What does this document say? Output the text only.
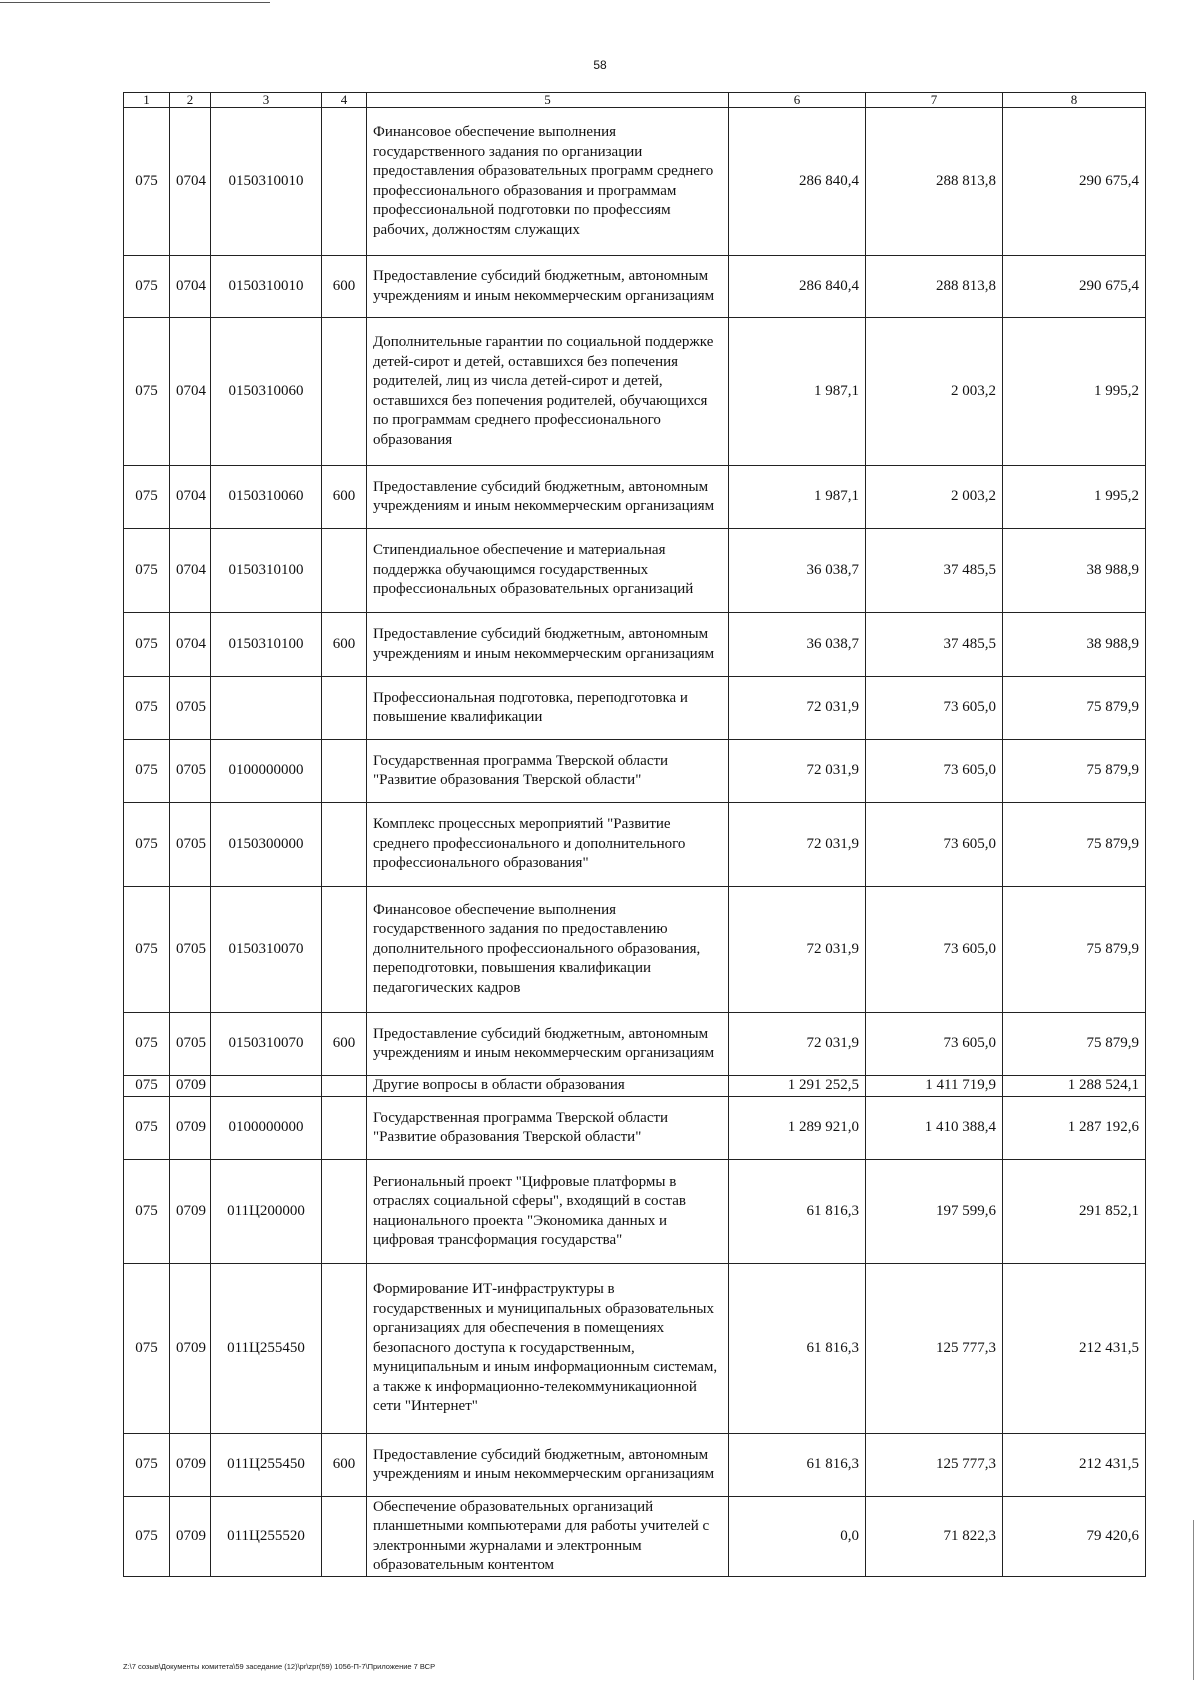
58
1	2	3	4	5	6	7	8
075	0704	0150310010		Финансовое обеспечение выполнения государственного задания по организации предоставления образовательных программ среднего профессионального образования и программам профессиональной подготовки по профессиям рабочих, должностям служащих	286 840,4	288 813,8	290 675,4
075	0704	0150310010	600	Предоставление субсидий бюджетным, автономным учреждениям и иным некоммерческим организациям	286 840,4	288 813,8	290 675,4
075	0704	0150310060		Дополнительные гарантии по социальной поддержке детей-сирот и детей, оставшихся без попечения родителей, лиц из числа детей-сирот и детей, оставшихся без попечения родителей, обучающихся по программам среднего профессионального образования	1 987,1	2 003,2	1 995,2
075	0704	0150310060	600	Предоставление субсидий бюджетным, автономным учреждениям и иным некоммерческим организациям	1 987,1	2 003,2	1 995,2
075	0704	0150310100		Стипендиальное обеспечение и материальная поддержка обучающимся государственных профессиональных образовательных организаций	36 038,7	37 485,5	38 988,9
075	0704	0150310100	600	Предоставление субсидий бюджетным, автономным учреждениям и иным некоммерческим организациям	36 038,7	37 485,5	38 988,9
075	0705			Профессиональная подготовка, переподготовка и повышение квалификации	72 031,9	73 605,0	75 879,9
075	0705	0100000000		Государственная программа Тверской области "Развитие образования Тверской области"	72 031,9	73 605,0	75 879,9
075	0705	0150300000		Комплекс процессных мероприятий "Развитие среднего профессионального и дополнительного профессионального образования"	72 031,9	73 605,0	75 879,9
075	0705	0150310070		Финансовое обеспечение выполнения государственного задания по предоставлению дополнительного профессионального образования, переподготовки, повышения квалификации педагогических кадров	72 031,9	73 605,0	75 879,9
075	0705	0150310070	600	Предоставление субсидий бюджетным, автономным учреждениям и иным некоммерческим организациям	72 031,9	73 605,0	75 879,9
075	0709			Другие вопросы в области образования	1 291 252,5	1 411 719,9	1 288 524,1
075	0709	0100000000		Государственная программа Тверской области "Развитие образования Тверской области"	1 289 921,0	1 410 388,4	1 287 192,6
075	0709	011Ц200000		Региональный проект "Цифровые платформы в отраслях социальной сферы", входящий в состав национального проекта "Экономика данных и цифровая трансформация государства"	61 816,3	197 599,6	291 852,1
075	0709	011Ц255450		Формирование ИТ-инфраструктуры в государственных и муниципальных образовательных организациях для обеспечения в помещениях безопасного доступа к государственным, муниципальным и иным информационным системам, а также к информационно-телекоммуникационной сети "Интернет"	61 816,3	125 777,3	212 431,5
075	0709	011Ц255450	600	Предоставление субсидий бюджетным, автономным учреждениям и иным некоммерческим организациям	61 816,3	125 777,3	212 431,5
075	0709	011Ц255520		Обеспечение образовательных организаций планшетными компьютерами для работы учителей с электронными журналами и электронным образовательным контентом	0,0	71 822,3	79 420,6
Z:\7 созыв\Документы комитета\59 заседание (12)\pr\zpr(59) 1056-П-7\Приложение 7 ВСР
